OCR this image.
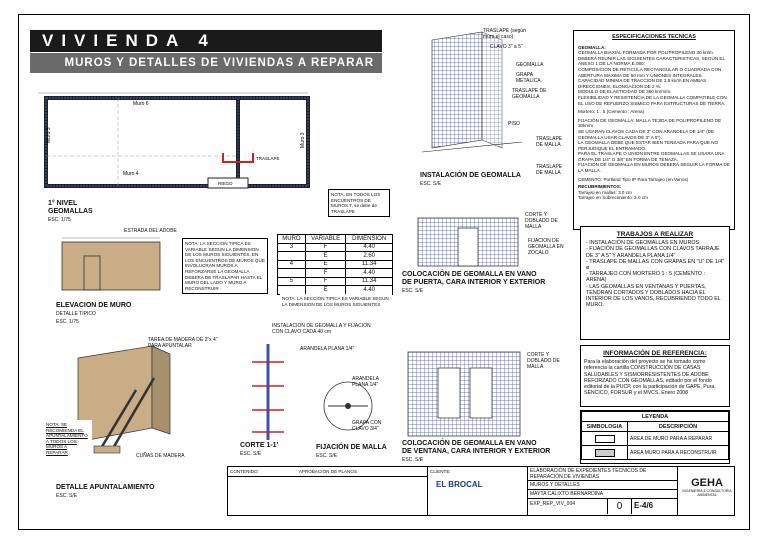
VIVIENDA 4
MUROS Y DETALLES DE VIVIENDAS A REPARAR
Muro 6
Muro 4
Muro 5	Muro 3
TRASLAPE
RIEGO
1° NIVEL
GEOMALLAS
ESC. 1/75
NOTA: EN TODOS LOS ENCUENTROS DE MUROS T, se debe de TRASLAPE
ESTRADA DEL ADOBE
ELEVACION DE MURO
DETALLE TIPICO
ESC. 1/75
NOTA: LA SECCION TIPICA ES VARIABLE SEGUN LA DIMENSION DE LOS MUROS SIGUIENTES. EN LOS ENCUENTROS DE MUROS QUE INVOLUCRAN MUROS A REFORZARSE LA GEOMALLA DEBERA DE TRASLAPAR HASTA EL MURO DEL LADO Y MURO A RECONSTRUIR
MURO	VARIABLE	DIMENSIÓN
3	F	4.40
	E	2.60
4	E	11.34
	F	4.40
5	F	11.34
	E	4.40
NOTA: LA SECCION TIPICA ES VARIABLE SEGUN LA DIMENSION DE LOS MUROS SIGUIENTES
TRASLAPE (según muro el caso)
CLAVO 3" a 5"
GEOMALLA
GRAPA METALICA
TRASLAPE DE GEOMALLA
PISO
TRASLAPE DE MALLA
TRASLAPE DE MALLA
INSTALACIÓN DE GEOMALLA
ESC. S/E
CORTE Y DOBLADO DE MALLA
FIJACION DE GEOMALLA EN ZOCALO
COLOCACIÓN DE GEOMALLA EN VANO
DE PUERTA, CARA INTERIOR Y EXTERIOR
ESC. S/E
CORTE Y DOBLADO DE MALLA
COLOCACIÓN DE GEOMALLA EN VANO
DE VENTANA, CARA INTERIOR Y EXTERIOR
ESC. S/E
TAREA DE MADERA DE 2"x 4" PARA APUNTALAR
CUÑAS DE MADERA
NOTA: SE RECOMIENDA EL APUNTALAMIENTO A TODOS LOS MUROS A REPARAR
DETALLE APUNTALAMIENTO
ESC. S/E
INSTALACION DE GEOMALLA Y FIJACION CON CLAVO CADA 40 cm
ARANDELA PLANA 1/4"
CORTE 1-1'
ESC. S/E
ARANDELA PLANA 1/4"
GRAPA CON CLAVO 3/4"
FIJACIÓN DE MALLA
ESC. S/E
ESPECIFICACIONES TECNICAS
GEOMALLA:
GEOMALLA BIAXIAL FORMADA POR POLIPROPILENO 30 kn/m DEBERÁ REUNIR LAS SIGUIENTES CARACTERISTICAS, SEGÚN EL ANEXO 1 DE LA NORMA E.080:
COMPOSICION DE RETICULA RECTANGULAR O CUADRADA CON ABERTURA MAXIMA DE 50 mm Y UNIONES INTEGRALES.
CAPACIDAD MINIMA DE TRACCION DE 3.5 kn/m EN AMBAS DIRECCIONES, ELONGACION DE 2 %.
MODULO DE ELASTICIDAD DE 360 kn/m/m.
FLEXIBILIDAD Y RESISTENCIA DE LA GEOMALLA COMPATIBLE CON EL USO DE REFUERZO SISMICO PARA ESTRUCTURAS DE TIERRA.
Mortero: 1 : 5 (Cemento : Arena)
FIJACIÓN DE GEOMALLA: MALLA TEJIDA DE POLIPROPILENO DE 30kn/m
SE USARAN CLAVOS CADA DE 3" CON ARANDELA DE 1/4" (DE GEOMALLA USAR CLAVOS DE 3" A 5").
LA GEOMALLA DEBE QUE ESTAR BIEN TENSADA PARA QUE NO PERJUDIQUE EL ENTRAMADO.
PARA EL TRASLAPE O UNION ENTRE GEOMALLAS SE USARA UNA GRAPA DE 1/4" O 3/8" EN FORMA DE TENAZA.
FIJACIÓN DE GEOMALLA EN MUROS DEBERÁ SEGUIR LA FORMA DE LA MALLA.
CEMENTO: Portland Tipo IP Para Tarrajeo (en Vanos)
RECUBRIMIENTOS:
Tarrajeo en mallas: 3.0 cm
Tarrajeo en Sobrecimiento: 2.0 cm
TRABAJOS A REALIZAR
- INSTALACIÓN DE GEOMALLAS EN MUROS
- FIJACIÓN DE GEOMALLAS CON CLAVOS TARRAJE DE 3" A 5" Y ARANDELA PLANA 1/4"
- TRASLAPE DE MALLAS CON GRAPAS EN "U" DE 1/4" ø
- TARRAJEO CON MORTERO 1 : 5 (CEMENTO : ARENA)
- LAS GEOMALLAS EN VENTANAS Y PUERTAS, TENDRAN CORTADOS Y DOBLADOS HACIA EL INTERIOR DE LOS VANOS, RECUBRIENDO TODO EL MURO.
INFORMACIÓN DE REFERENCIA:
Para la elaboración del proyecto se ha tomado como referencia la cartilla CONSTRUCCIÓN DE CASAS SALUDABLES Y SISMORRESISTENTES DE ADOBE REFORZADO CON GEOMALLAS, editado por el fondo editorial de la PUCP, con la participación de GAPE, Pura, SENCICO, FORSUR y el MVCS, Enero 2008
LEYENDA	
SIMBOLOGIA	DESCRIPCIÓN

	ÁREA DE MURO PARA A REPARAR

	ÁREA MURO PARA A RECONSTRUIR
CONTENIDO:	APROBACIÓN DE PLANOS	CLIENTE:
EL BROCAL
ELABORACIÓN DE EXPEDIENTES TÉCNICOS DE REPARACIÓN DE VIVIENDAS
MUROS Y DETALLES
MAYTA CALIXTO BERNARDINA
EXP_REP_VIV_004	0	E-4/6
GEHA
INGENIERIA & CONSULTORIA AMBIENTAL
